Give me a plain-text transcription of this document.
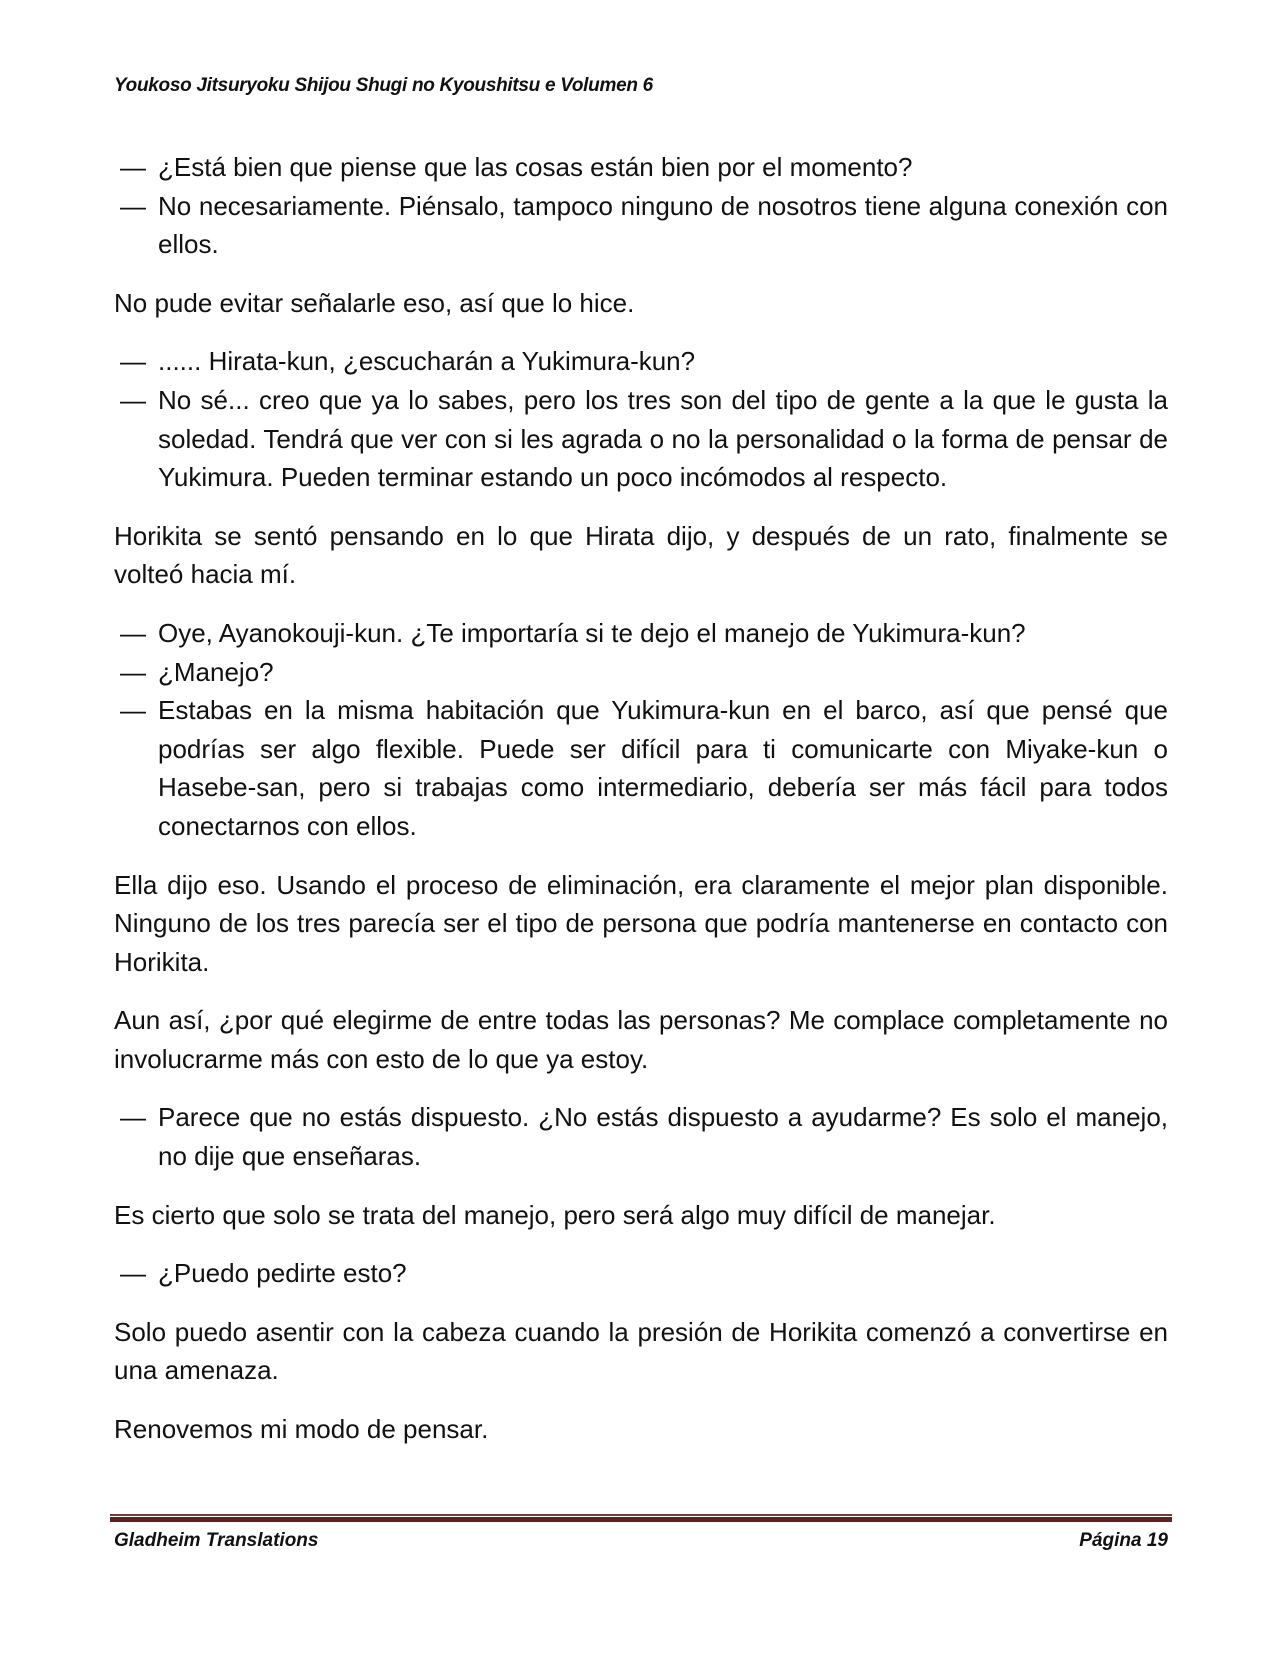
Youkoso Jitsuryoku Shijou Shugi no Kyoushitsu e Volumen 6
— ¿Está bien que piense que las cosas están bien por el momento?
— No necesariamente. Piénsalo, tampoco ninguno de nosotros tiene alguna conexión con ellos.

No pude evitar señalarle eso, así que lo hice.

— ...... Hirata-kun, ¿escucharán a Yukimura-kun?
— No sé... creo que ya lo sabes, pero los tres son del tipo de gente a la que le gusta la soledad. Tendrá que ver con si les agrada o no la personalidad o la forma de pensar de Yukimura. Pueden terminar estando un poco incómodos al respecto.

Horikita se sentó pensando en lo que Hirata dijo, y después de un rato, finalmente se volteó hacia mí.

— Oye, Ayanokouji-kun. ¿Te importaría si te dejo el manejo de Yukimura-kun?
— ¿Manejo?
— Estabas en la misma habitación que Yukimura-kun en el barco, así que pensé que podrías ser algo flexible. Puede ser difícil para ti comunicarte con Miyake-kun o Hasebe-san, pero si trabajas como intermediario, debería ser más fácil para todos conectarnos con ellos.

Ella dijo eso. Usando el proceso de eliminación, era claramente el mejor plan disponible. Ninguno de los tres parecía ser el tipo de persona que podría mantenerse en contacto con Horikita.

Aun así, ¿por qué elegirme de entre todas las personas? Me complace completamente no involucrarme más con esto de lo que ya estoy.

— Parece que no estás dispuesto. ¿No estás dispuesto a ayudarme? Es solo el manejo, no dije que enseñaras.

Es cierto que solo se trata del manejo, pero será algo muy difícil de manejar.

— ¿Puedo pedirte esto?

Solo puedo asentir con la cabeza cuando la presión de Horikita comenzó a convertirse en una amenaza.

Renovemos mi modo de pensar.

Gladheim Translations	Página 19
